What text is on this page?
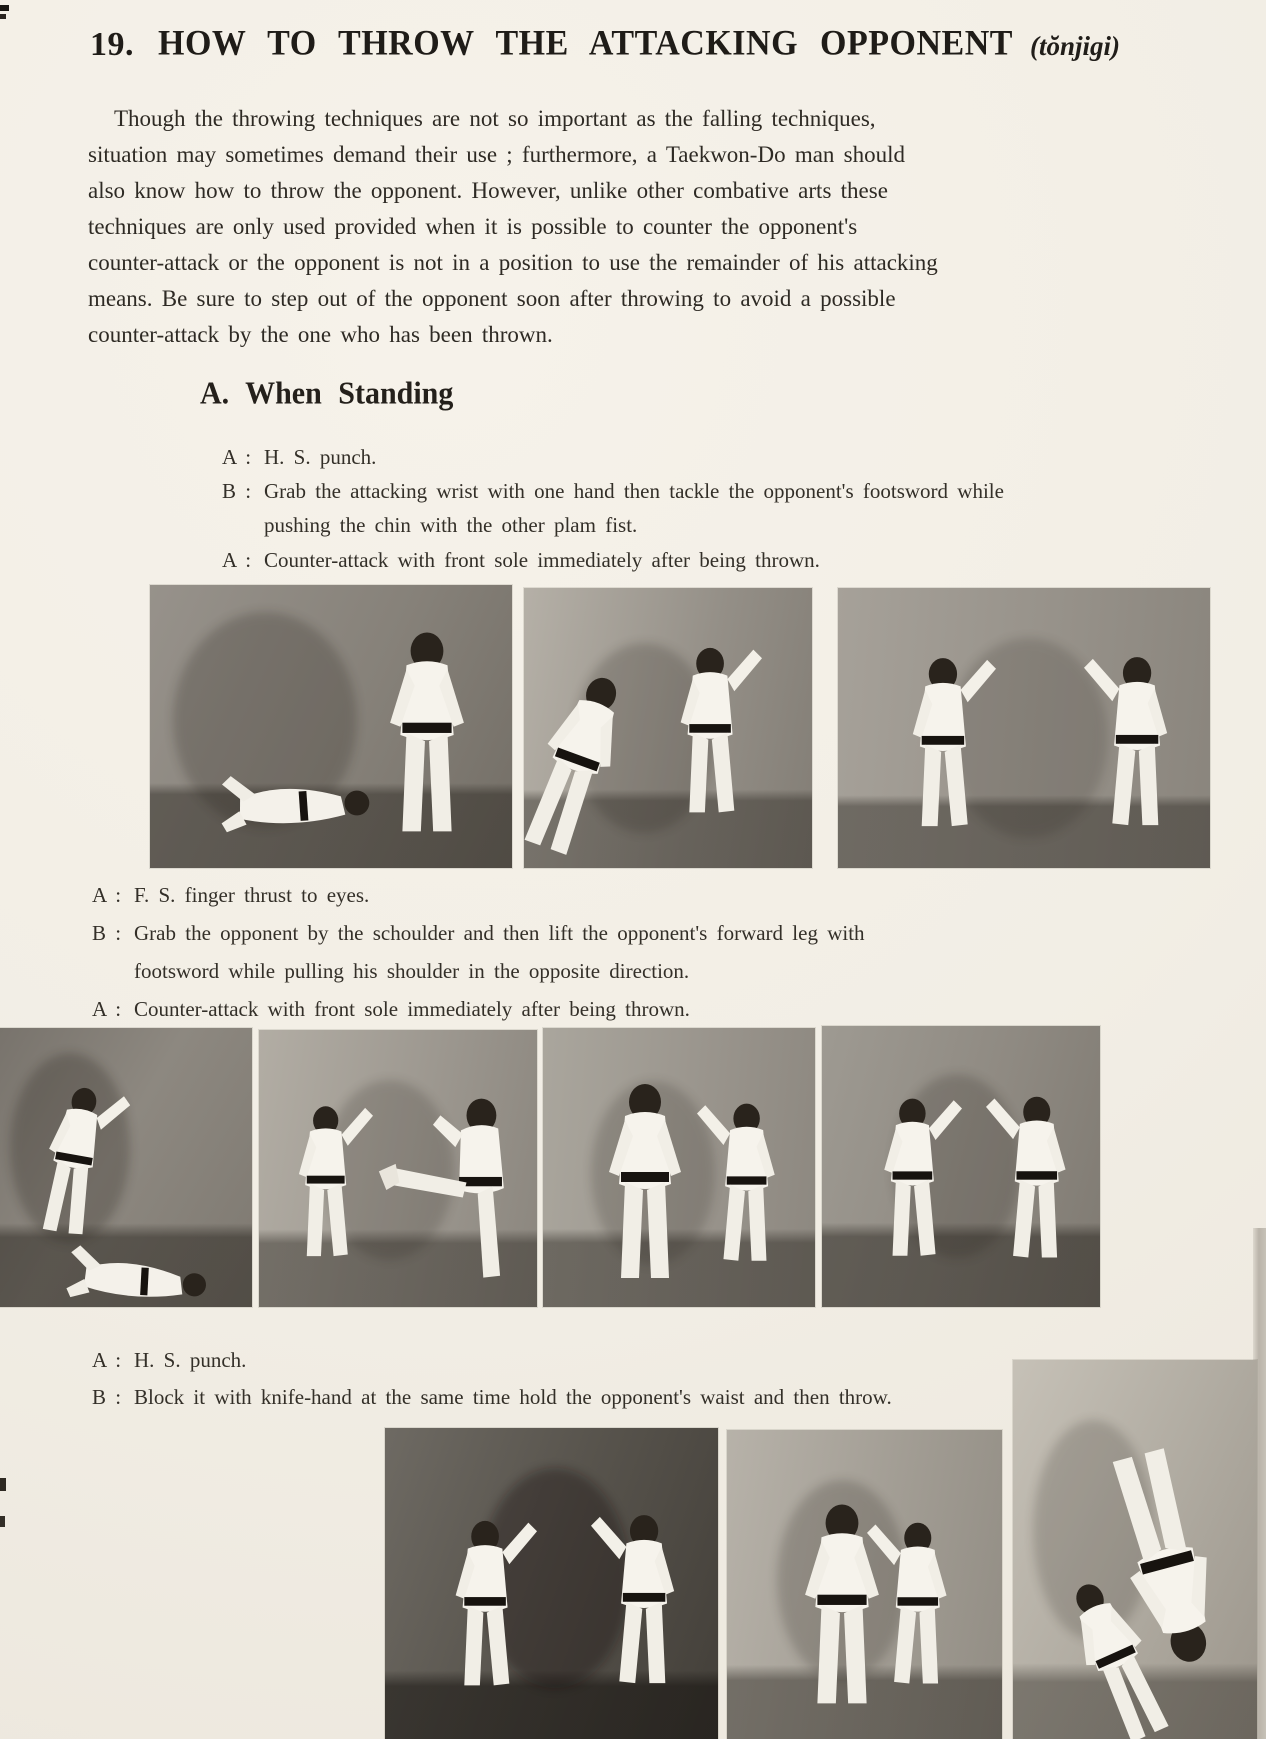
19. HOW TO THROW THE ATTACKING OPPONENT (tŏnjigi)
Though the throwing techniques are not so important as the falling techniques,
situation may sometimes demand their use ; furthermore, a Taekwon-Do man should
also know how to throw the opponent. However, unlike other combative arts these
techniques are only used provided when it is possible to counter the opponent's
counter-attack or the opponent is not in a position to use the remainder of his attacking
means. Be sure to step out of the opponent soon after throwing to avoid a possible
counter-attack by the one who has been thrown.
A. When Standing
A : H. S. punch.
B : Grab the attacking wrist with one hand then tackle the opponent's footsword while
pushing the chin with the other plam fist.
A : Counter-attack with front sole immediately after being thrown.
A : F. S. finger thrust to eyes.
B : Grab the opponent by the schoulder and then lift the opponent's forward leg with
footsword while pulling his shoulder in the opposite direction.
A : Counter-attack with front sole immediately after being thrown.
A : H. S. punch.
B : Block it with knife-hand at the same time hold the opponent's waist and then throw.
